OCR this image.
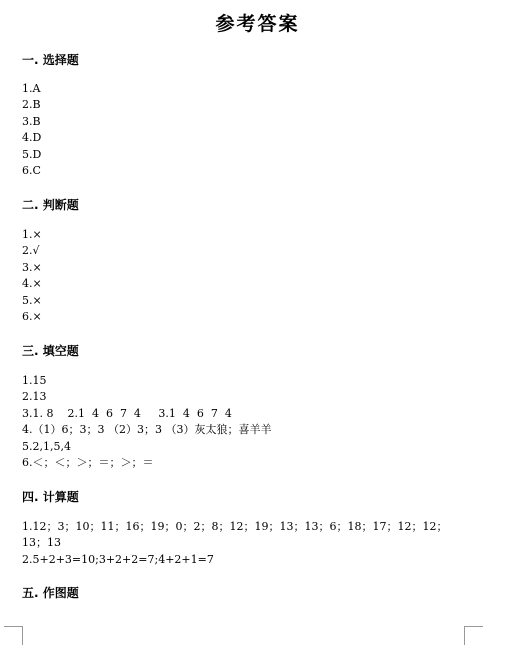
参考答案
一. 选择题
1.A
2.B
3.B
4.D
5.D
6.C
二. 判断题
1.×
2.√
3.×
4.×
5.×
6.×
三. 填空题
1.15
2.13
3.1. 8    2.1  4  6  7  4     3.1  4  6  7  4
4.（1）6；3；3 （2）3；3 （3）灰太狼；喜羊羊
5.2,1,5,4
6.＜；＜；＞；＝；＞；＝
四. 计算题
1.12；3；10；11；16；19；0；2；8；12；19；13；13；6；18；17；12；12；
13；13
2.5+2+3=10;3+2+2=7;4+2+1=7
五. 作图题
